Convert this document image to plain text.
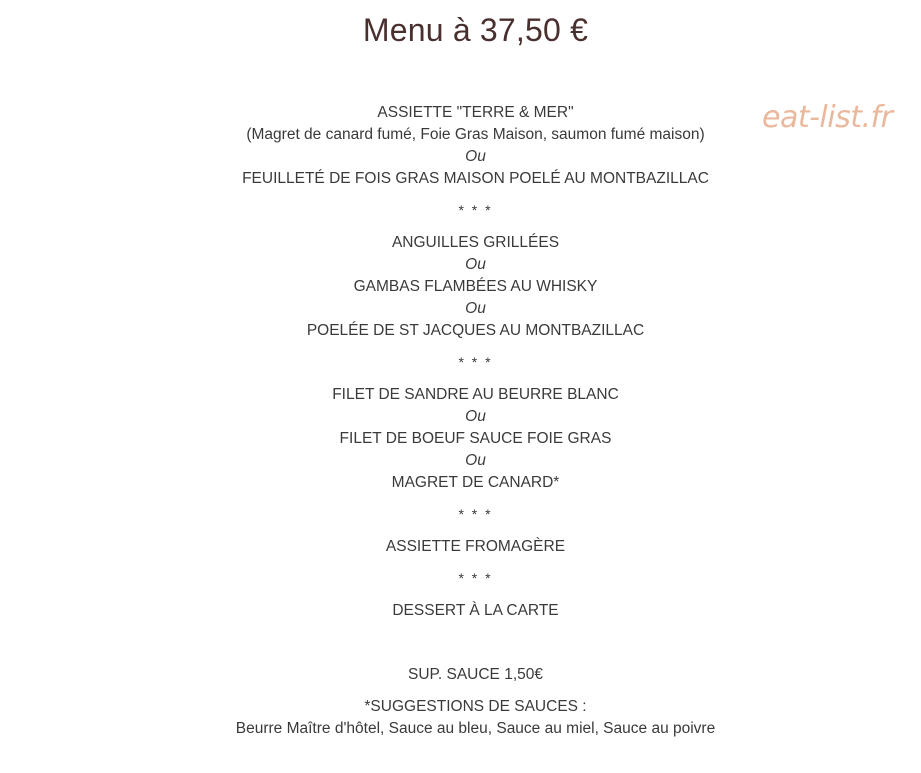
Menu à 37,50 €
eat-list.fr
ASSIETTE "TERRE & MER"
(Magret de canard fumé, Foie Gras Maison, saumon fumé maison)
Ou
FEUILLETÉ DE FOIS GRAS MAISON POELÉ AU MONTBAZILLAC
* * *
ANGUILLES GRILLÉES
Ou
GAMBAS FLAMBÉES AU WHISKY
Ou
POELÉE DE ST JACQUES AU MONTBAZILLAC
* * *
FILET DE SANDRE AU BEURRE BLANC
Ou
FILET DE BOEUF SAUCE FOIE GRAS
Ou
MAGRET DE CANARD*
* * *
ASSIETTE FROMAGÈRE
* * *
DESSERT À LA CARTE
SUP. SAUCE 1,50€
*SUGGESTIONS DE SAUCES :
Beurre Maître d'hôtel, Sauce au bleu, Sauce au miel, Sauce au poivre
